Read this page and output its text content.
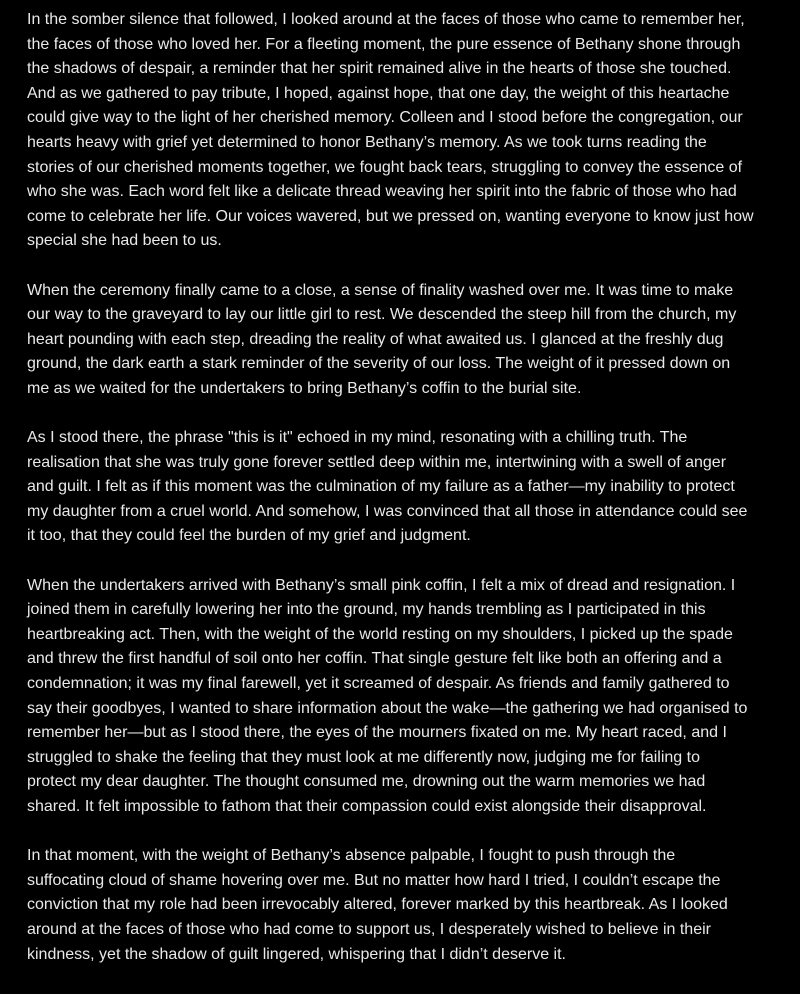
In the somber silence that followed, I looked around at the faces of those who came to remember her,
the faces of those who loved her. For a fleeting moment, the pure essence of Bethany shone through
the shadows of despair, a reminder that her spirit remained alive in the hearts of those she touched.
And as we gathered to pay tribute, I hoped, against hope, that one day, the weight of this heartache
could give way to the light of her cherished memory. Colleen and I stood before the congregation, our
hearts heavy with grief yet determined to honor Bethany’s memory. As we took turns reading the
stories of our cherished moments together, we fought back tears, struggling to convey the essence of
who she was. Each word felt like a delicate thread weaving her spirit into the fabric of those who had
come to celebrate her life. Our voices wavered, but we pressed on, wanting everyone to know just how
special she had been to us.
When the ceremony finally came to a close, a sense of finality washed over me. It was time to make
our way to the graveyard to lay our little girl to rest. We descended the steep hill from the church, my
heart pounding with each step, dreading the reality of what awaited us. I glanced at the freshly dug
ground, the dark earth a stark reminder of the severity of our loss. The weight of it pressed down on
me as we waited for the undertakers to bring Bethany’s coffin to the burial site.
As I stood there, the phrase "this is it" echoed in my mind, resonating with a chilling truth. The
realisation that she was truly gone forever settled deep within me, intertwining with a swell of anger
and guilt. I felt as if this moment was the culmination of my failure as a father—my inability to protect
my daughter from a cruel world. And somehow, I was convinced that all those in attendance could see
it too, that they could feel the burden of my grief and judgment.
When the undertakers arrived with Bethany’s small pink coffin, I felt a mix of dread and resignation. I
joined them in carefully lowering her into the ground, my hands trembling as I participated in this
heartbreaking act. Then, with the weight of the world resting on my shoulders, I picked up the spade
and threw the first handful of soil onto her coffin. That single gesture felt like both an offering and a
condemnation; it was my final farewell, yet it screamed of despair. As friends and family gathered to
say their goodbyes, I wanted to share information about the wake—the gathering we had organised to
remember her—but as I stood there, the eyes of the mourners fixated on me. My heart raced, and I
struggled to shake the feeling that they must look at me differently now, judging me for failing to
protect my dear daughter. The thought consumed me, drowning out the warm memories we had
shared. It felt impossible to fathom that their compassion could exist alongside their disapproval.
In that moment, with the weight of Bethany’s absence palpable, I fought to push through the
suffocating cloud of shame hovering over me. But no matter how hard I tried, I couldn’t escape the
conviction that my role had been irrevocably altered, forever marked by this heartbreak. As I looked
around at the faces of those who had come to support us, I desperately wished to believe in their
kindness, yet the shadow of guilt lingered, whispering that I didn’t deserve it.
